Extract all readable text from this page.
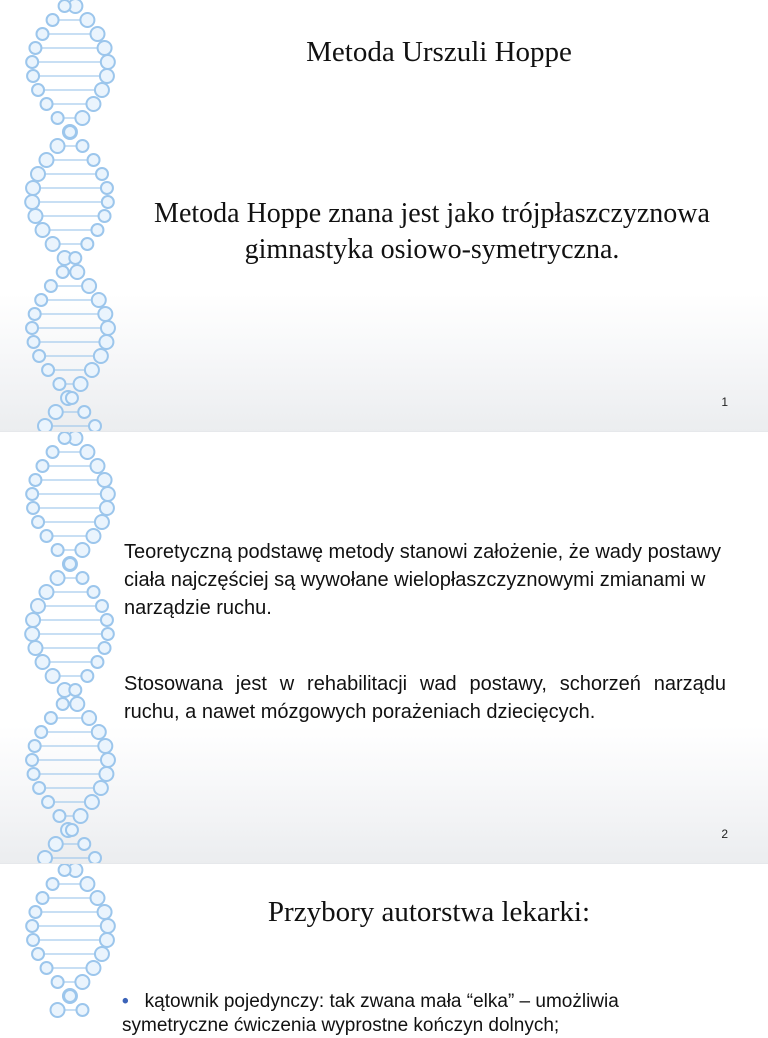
Metoda Urszuli Hoppe

Metoda Hoppe znana jest jako trójpłaszczyznowa gimnastyka osiowo-symetryczna.

1

Teoretyczną podstawę metody stanowi założenie, że wady postawy ciała najczęściej są wywołane wielopłaszczyznowymi zmianami w narządzie ruchu.

Stosowana jest w rehabilitacji wad postawy, schorzeń narządu ruchu, a nawet mózgowych porażeniach dziecięcych.

2
Przybory autorstwa lekarki:
• kątownik pojedynczy: tak zwana mała “elka” – umożliwia
symetryczne ćwiczenia wyprostne kończyn dolnych;
